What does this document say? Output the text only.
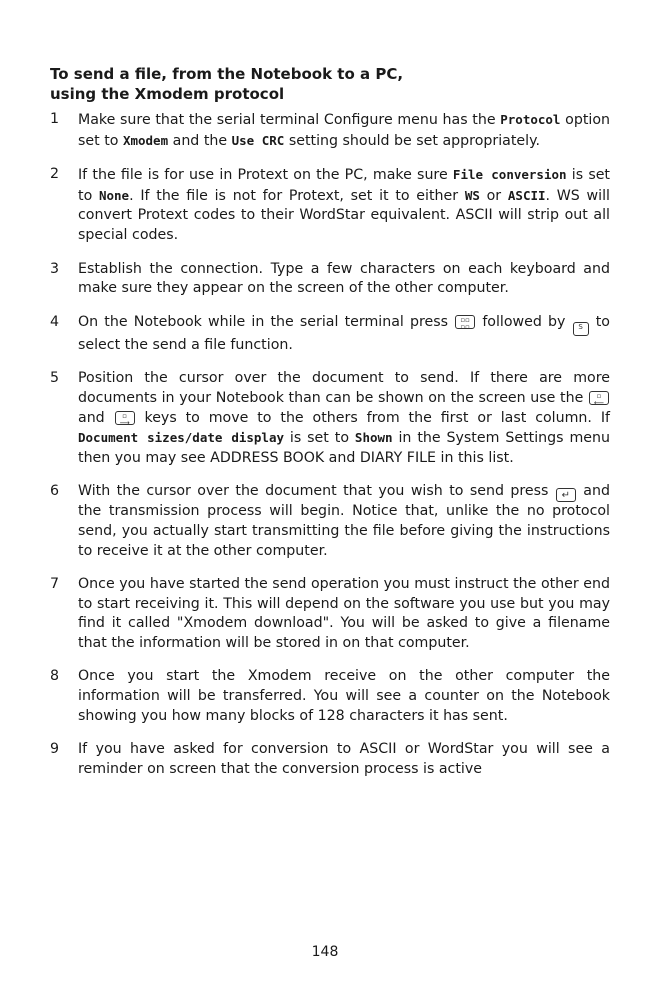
To send a file, from the Notebook to a PC,
using the Xmodem protocol
1	Make sure that the serial terminal Configure menu has the Protocol option set to Xmodem and the Use CRC setting should be set appropriately.
2	If the file is for use in Protext on the PC, make sure File conversion is set to None. If the file is not for Protext, set it to either WS or ASCII. WS will convert Protext codes to their WordStar equivalent. ASCII will strip out all special codes.
3	Establish the connection. Type a few characters on each keyboard and make sure they appear on the screen of the other computer.
4	On the Notebook while in the serial terminal press ▫▫
▫▫ followed by S to select the send a file function.
5	Position the cursor over the document to send. If there are more documents in your Notebook than can be shown on the screen use the ▫
⟵ and ▫
⟶ keys to move to the others from the first or last column. If Document sizes/date display is set to Shown in the System Settings menu then you may see ADDRESS BOOK and DIARY FILE in this list.
6	With the cursor over the document that you wish to send press ↵ and the transmission process will begin. Notice that, unlike the no protocol send, you actually start transmitting the file before giving the instructions to receive it at the other computer.
7	Once you have started the send operation you must instruct the other end to start receiving it. This will depend on the software you use but you may find it called "Xmodem download". You will be asked to give a filename that the information will be stored in on that computer.
8	Once you start the Xmodem receive on the other computer the information will be transferred. You will see a counter on the Notebook showing you how many blocks of 128 characters it has sent.
9	If you have asked for conversion to ASCII or WordStar you will see a reminder on screen that the conversion process is active
148
